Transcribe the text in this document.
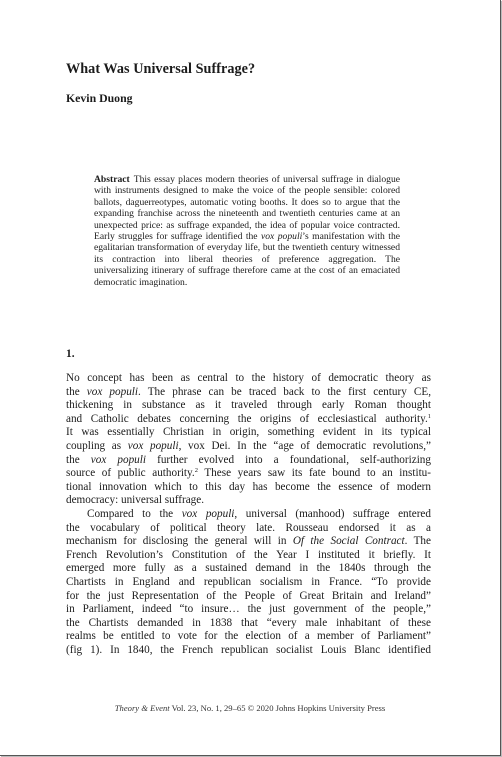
What Was Universal Suffrage?
Kevin Duong
Abstract This essay places modern theories of universal suffrage in dialogue with instruments designed to make the voice of the people sensible: colored ballots, daguerreotypes, automatic voting booths. It does so to argue that the expanding franchise across the nineteenth and twentieth centuries came at an unexpected price: as suffrage expanded, the idea of popular voice contracted. Early struggles for suffrage identified the vox populi’s manifestation with the egalitarian transformation of everyday life, but the twentieth century witnessed its contraction into liberal theories of preference aggregation. The universalizing itinerary of suffrage therefore came at the cost of an emaciated democratic imagination.
1.
No concept has been as central to the history of democratic theory as
the vox populi. The phrase can be traced back to the first century CE,
thickening in substance as it traveled through early Roman thought
and Catholic debates concerning the origins of ecclesiastical authority.$^1$
It was essentially Christian in origin, something evident in its typical
coupling as vox populi, vox Dei. In the “age of democratic revolutions,”
the vox populi further evolved into a foundational, self-authorizing
source of public authority.$^2$ These years saw its fate bound to an institu-
tional innovation which to this day has become the essence of modern
democracy: universal suffrage.
Compared to the vox populi, universal (manhood) suffrage entered
the vocabulary of political theory late. Rousseau endorsed it as a
mechanism for disclosing the general will in Of the Social Contract. The
French Revolution’s Constitution of the Year I instituted it briefly. It
emerged more fully as a sustained demand in the 1840s through the
Chartists in England and republican socialism in France. “To provide
for the just Representation of the People of Great Britain and Ireland”
in Parliament, indeed “to insure… the just government of the people,”
the Chartists demanded in 1838 that “every male inhabitant of these
realms be entitled to vote for the election of a member of Parliament”
(fig 1). In 1840, the French republican socialist Louis Blanc identified
Theory & Event Vol. 23, No. 1, 29–65 © 2020 Johns Hopkins University Press
